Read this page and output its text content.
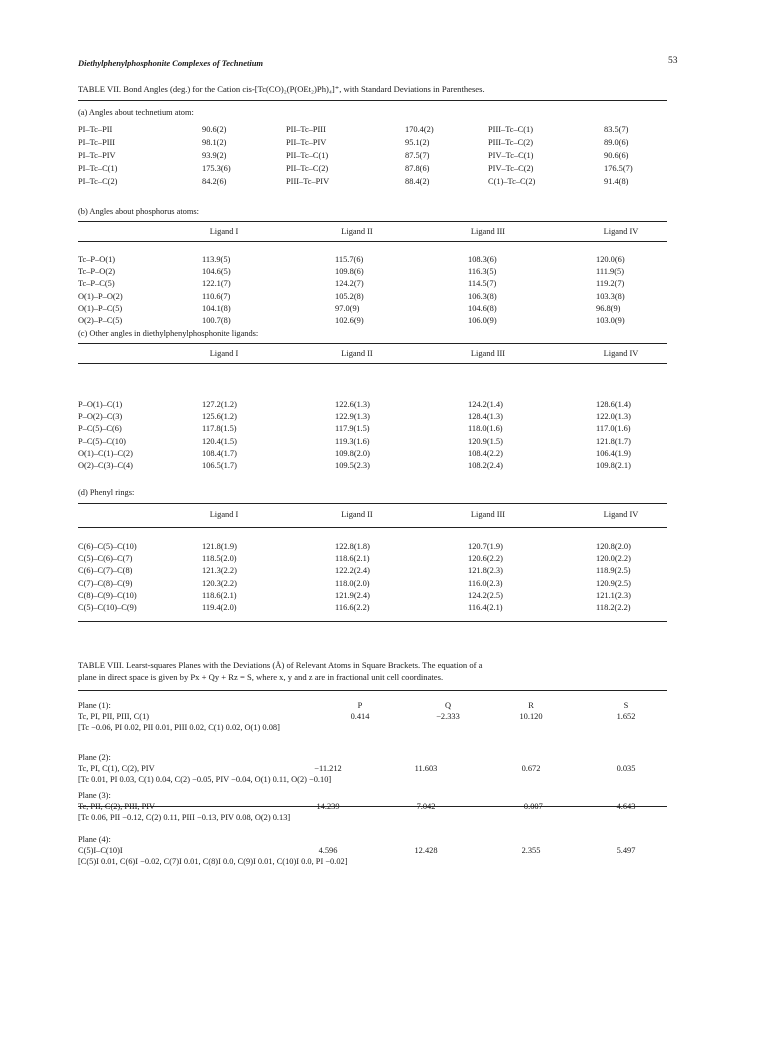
Diethylphenylphosphonite Complexes of Technetium	53
TABLE VII. Bond Angles (deg.) for the Cation cis-[Tc(CO)₂(P(OEt₂)Ph)₄]⁺, with Standard Deviations in Parentheses.
(a) Angles about technetium atom:
PI–Tc–PII	90.6(2)	PII–Tc–PIII	170.4(2)	PIII–Tc–C(1)	83.5(7)
PI–Tc–PIII	98.1(2)	PII–Tc–PIV	95.1(2)	PIII–Tc–C(2)	89.0(6)
PI–Tc–PIV	93.9(2)	PII–Tc–C(1)	87.5(7)	PIV–Tc–C(1)	90.6(6)
PI–Tc–C(1)	175.3(6)	PII–Tc–C(2)	87.8(6)	PIV–Tc–C(2)	176.5(7)
PI–Tc–C(2)	84.2(6)	PIII–Tc–PIV	88.4(2)	C(1)–Tc–C(2)	91.4(8)
(b) Angles about phosphorus atoms:
Ligand I	Ligand II	Ligand III	Ligand IV
Tc–P–O(1)	113.9(5)	115.7(6)	108.3(6)	120.0(6)
Tc–P–O(2)	104.6(5)	109.8(6)	116.3(5)	111.9(5)
Tc–P–C(5)	122.1(7)	124.2(7)	114.5(7)	119.2(7)
O(1)–P–O(2)	110.6(7)	105.2(8)	106.3(8)	103.3(8)
O(1)–P–C(5)	104.1(8)	97.0(9)	104.6(8)	96.8(9)
O(2)–P–C(5)	100.7(8)	102.6(9)	106.0(9)	103.0(9)
(c) Other angles in diethylphenylphosphonite ligands:
Ligand I	Ligand II	Ligand III	Ligand IV
P–O(1)–C(1)	127.2(1.2)	122.6(1.3)	124.2(1.4)	128.6(1.4)
P–O(2)–C(3)	125.6(1.2)	122.9(1.3)	128.4(1.3)	122.0(1.3)
P–C(5)–C(6)	117.8(1.5)	117.9(1.5)	118.0(1.6)	117.0(1.6)
P–C(5)–C(10)	120.4(1.5)	119.3(1.6)	120.9(1.5)	121.8(1.7)
O(1)–C(1)–C(2)	108.4(1.7)	109.8(2.0)	108.4(2.2)	106.4(1.9)
O(2)–C(3)–C(4)	106.5(1.7)	109.5(2.3)	108.2(2.4)	109.8(2.1)
(d) Phenyl rings:
Ligand I	Ligand II	Ligand III	Ligand IV
C(6)–C(5)–C(10)	121.8(1.9)	122.8(1.8)	120.7(1.9)	120.8(2.0)
C(5)–C(6)–C(7)	118.5(2.0)	118.6(2.1)	120.6(2.2)	120.0(2.2)
C(6)–C(7)–C(8)	121.3(2.2)	122.2(2.4)	121.8(2.3)	118.9(2.5)
C(7)–C(8)–C(9)	120.3(2.2)	118.0(2.0)	116.0(2.3)	120.9(2.5)
C(8)–C(9)–C(10)	118.6(2.1)	121.9(2.4)	124.2(2.5)	121.1(2.3)
C(5)–C(10)–C(9)	119.4(2.0)	116.6(2.2)	116.4(2.1)	118.2(2.2)
TABLE VIII. Learst-squares Planes with the Deviations (Å) of Relevant Atoms in Square Brackets. The equation of a
plane in direct space is given by Px + Qy + Rz = S, where x, y and z are in fractional unit cell coordinates.
P	Q	R	S
Plane (1):
Tc, PI, PII, PIII, C(1)	0.414	−2.333	10.120	1.652
[Tc −0.06, PI 0.02, PII 0.01, PIII 0.02, C(1) 0.02, O(1) 0.08]
Plane (2):
Tc, PI, C(1), C(2), PIV	−11.212	11.603	0.672	0.035
[Tc 0.01, PI 0.03, C(1) 0.04, C(2) −0.05, PIV −0.04, O(1) 0.11, O(2) −0.10]
Plane (3):
Tc, PII, C(2), PIII, PIV	14.239	7.042	−0.007	4.643
[Tc 0.06, PII −0.12, C(2) 0.11, PIII −0.13, PIV 0.08, O(2) 0.13]
Plane (4):
C(5)I–C(10)I	4.596	12.428	2.355	5.497
[C(5)I 0.01, C(6)I −0.02, C(7)I 0.01, C(8)I 0.0, C(9)I 0.01, C(10)I 0.0, PI −0.02]
